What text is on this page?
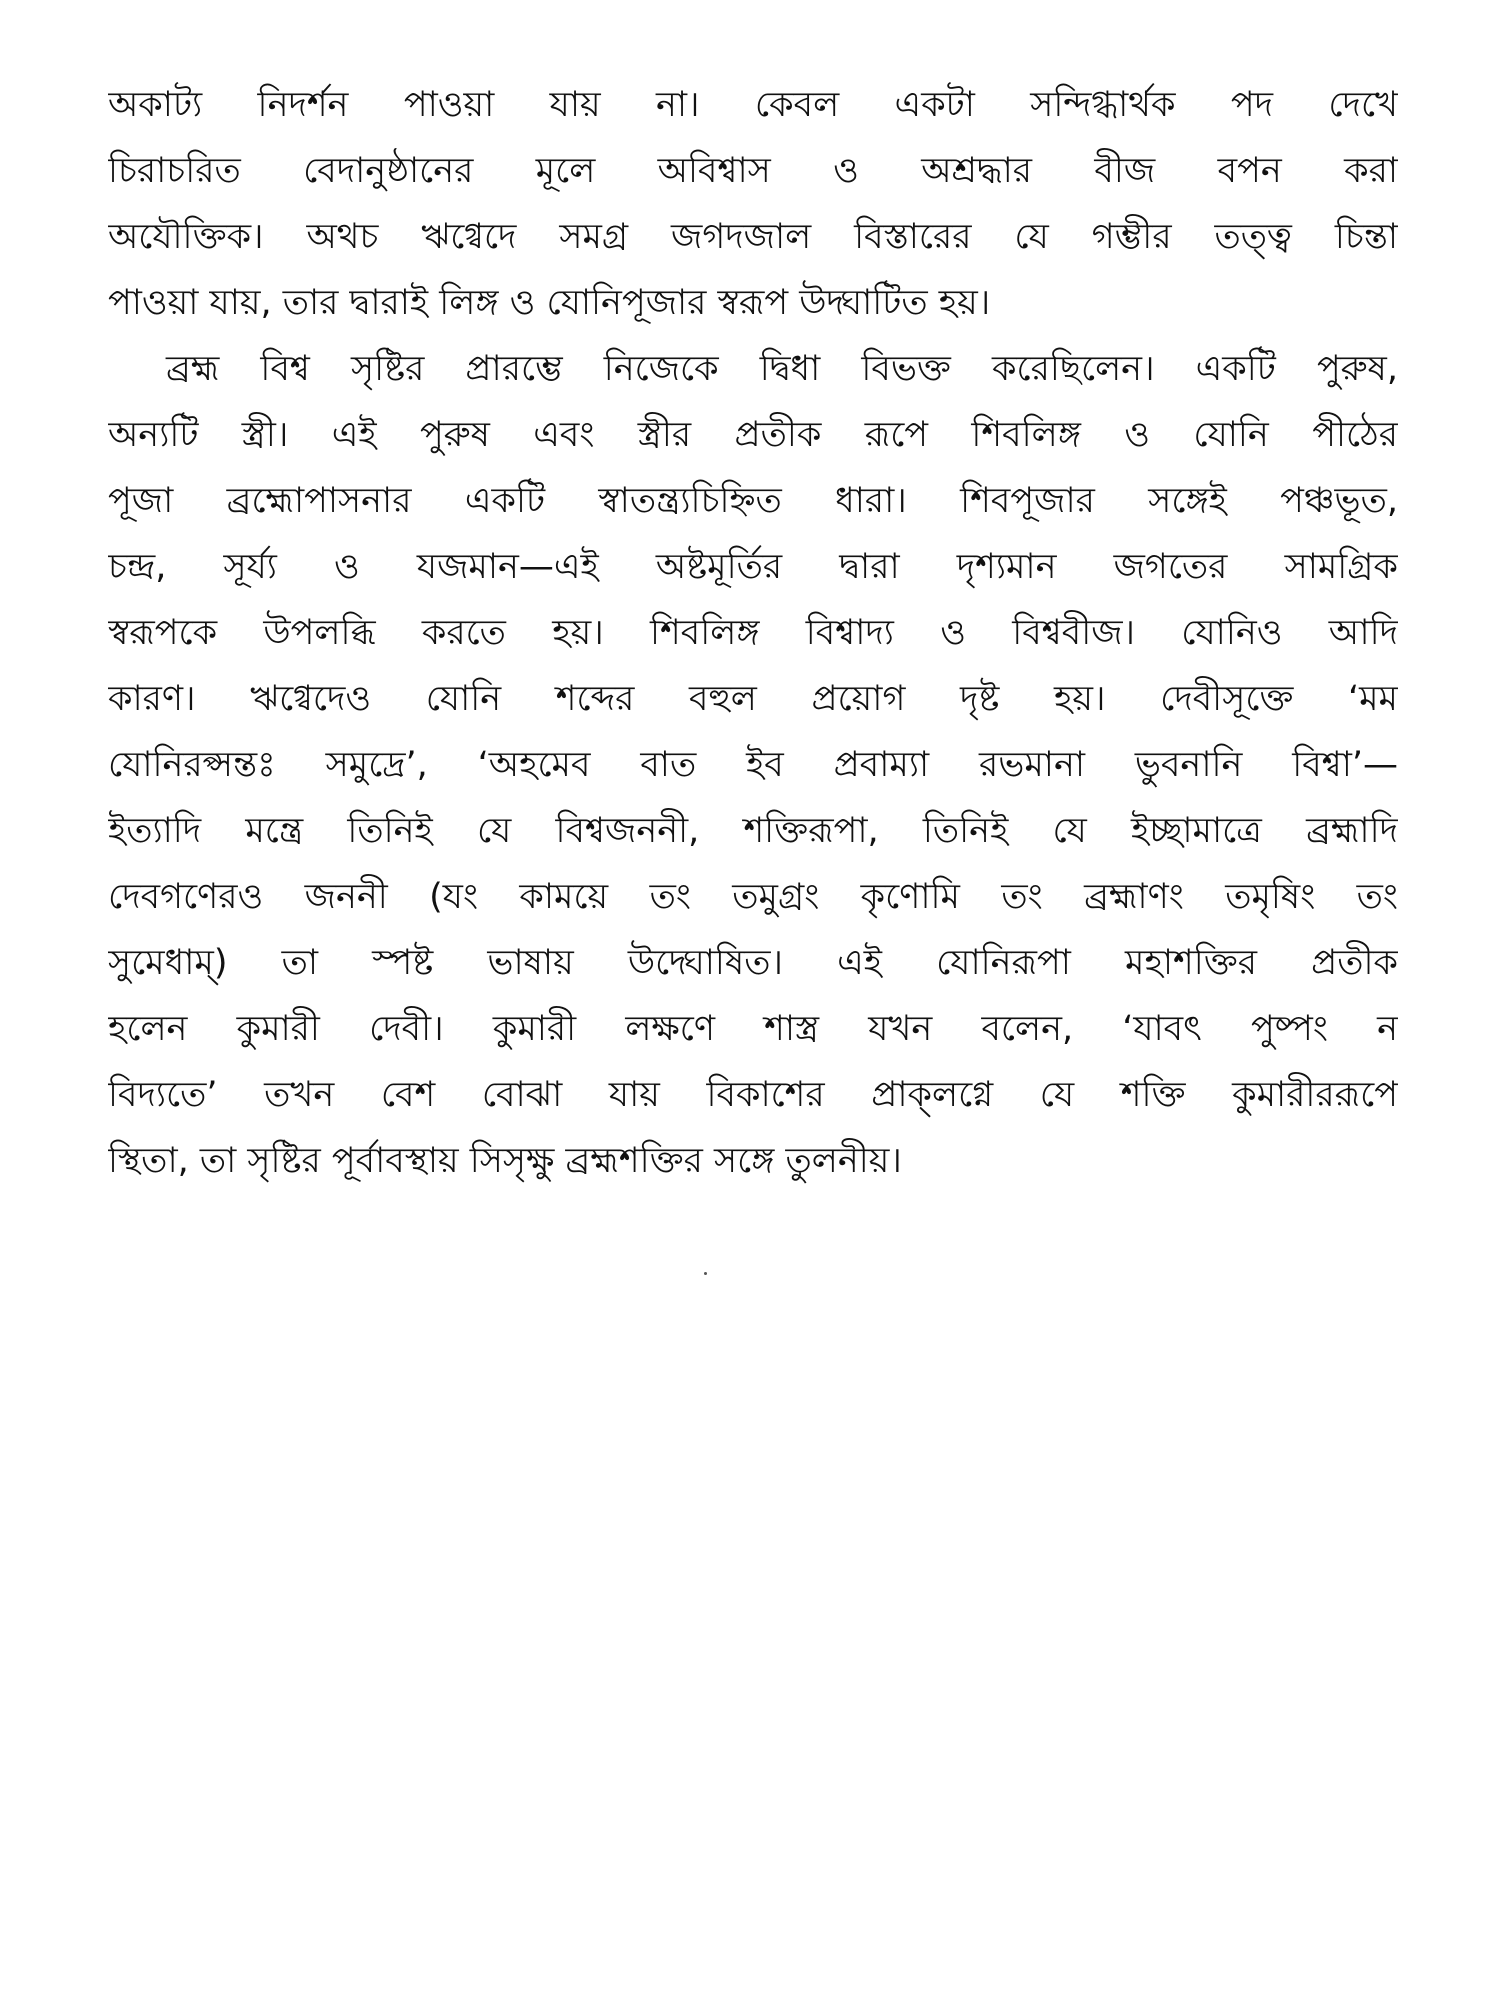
অকাট্য নিদর্শন পাওয়া যায় না। কেবল একটা সন্দিগ্ধার্থক পদ দেখে
চিরাচরিত বেদানুষ্ঠানের মূলে অবিশ্বাস ও অশ্রদ্ধার বীজ বপন করা
অযৌক্তিক। অথচ ঋগ্বেদে সমগ্র জগদজাল বিস্তারের যে গম্ভীর তত্ত্ব চিন্তা
পাওয়া যায়, তার দ্বারাই লিঙ্গ ও যোনিপূজার স্বরূপ উদ্ঘাটিত হয়।
ব্রহ্ম বিশ্ব সৃষ্টির প্রারম্ভে নিজেকে দ্বিধা বিভক্ত করেছিলেন। একটি পুরুষ,
অন্যটি স্ত্রী। এই পুরুষ এবং স্ত্রীর প্রতীক রূপে শিবলিঙ্গ ও যোনি পীঠের
পূজা ব্রহ্মোপাসনার একটি স্বাতন্ত্র্যচিহ্নিত ধারা। শিবপূজার সঙ্গেই পঞ্চভূত,
চন্দ্র, সূর্য্য ও যজমান—এই অষ্টমূর্তির দ্বারা দৃশ্যমান জগতের সামগ্রিক
স্বরূপকে উপলব্ধি করতে হয়। শিবলিঙ্গ বিশ্বাদ্য ও বিশ্ববীজ। যোনিও আদি
কারণ। ঋগ্বেদেও যোনি শব্দের বহুল প্রয়োগ দৃষ্ট হয়। দেবীসূক্তে ‘মম
যোনিরপ্সন্তঃ সমুদ্রে’, ‘অহমেব বাত ইব প্রবাম্যা রভমানা ভুবনানি বিশ্বা’—
ইত্যাদি মন্ত্রে তিনিই যে বিশ্বজননী, শক্তিরূপা, তিনিই যে ইচ্ছামাত্রে ব্রহ্মাদি
দেবগণেরও জননী (যং কাময়ে তং তমুগ্রং কৃণোমি তং ব্রহ্মাণং তমৃষিং তং
সুমেধাম্) তা স্পষ্ট ভাষায় উদ্ঘোষিত। এই যোনিরূপা মহাশক্তির প্রতীক
হলেন কুমারী দেবী। কুমারী লক্ষণে শাস্ত্র যখন বলেন, ‘যাবৎ পুষ্পং ন
বিদ্যতে’ তখন বেশ বোঝা যায় বিকাশের প্রাক্‌লগ্নে যে শক্তি কুমারীররূপে
স্থিতা, তা সৃষ্টির পূর্বাবস্থায় সিসৃক্ষু ব্রহ্মশক্তির সঙ্গে তুলনীয়।
